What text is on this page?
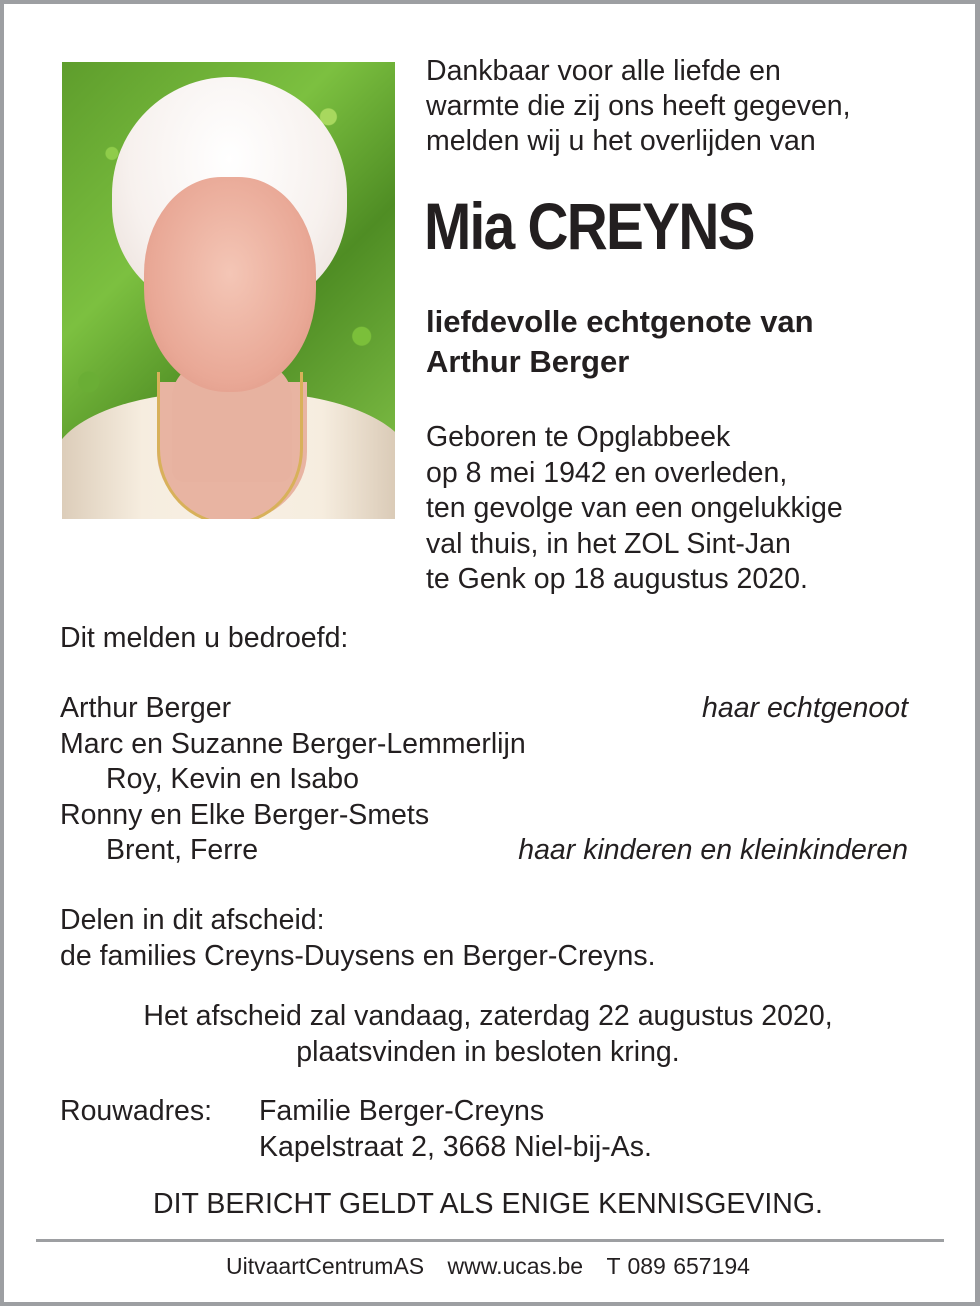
Dankbaar voor alle liefde en
warmte die zij ons heeft gegeven,
melden wij u het overlijden van
Mia CREYNS
liefdevolle echtgenote van
Arthur Berger
Geboren te Opglabbeek
op 8 mei 1942 en overleden,
ten gevolge van een ongelukkige
val thuis, in het ZOL Sint-Jan
te Genk op 18 augustus 2020.
Dit melden u bedroefd:
Arthur Berger	haar echtgenoot
Marc en Suzanne Berger-Lemmerlijn
Roy, Kevin en Isabo
Ronny en Elke Berger-Smets
Brent, Ferre	haar kinderen en kleinkinderen
Delen in dit afscheid:
de families Creyns-Duysens en Berger-Creyns.
Het afscheid zal vandaag, zaterdag 22 augustus 2020,
plaatsvinden in besloten kring.
Rouwadres: Familie Berger-Creyns
Kapelstraat 2, 3668 Niel-bij-As.
DIT BERICHT GELDT ALS ENIGE KENNISGEVING.
UitvaartCentrumAS www.ucas.be T 089 657194
